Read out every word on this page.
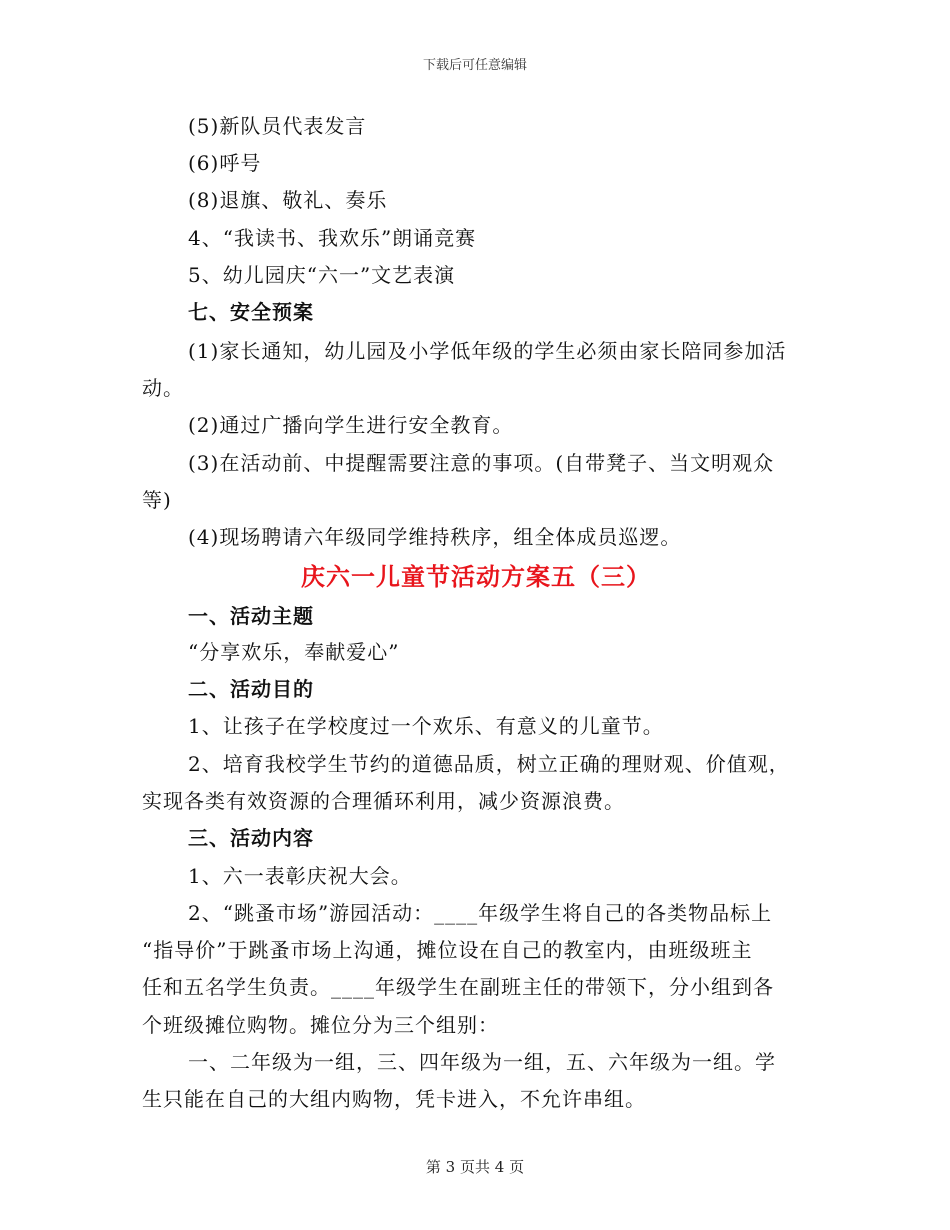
下载后可任意编辑
(5)新队员代表发言
(6)呼号
(8)退旗、敬礼、奏乐
4、“我读书、我欢乐”朗诵竞赛
5、幼儿园庆“六一”文艺表演
七、安全预案
(1)家长通知，幼儿园及小学低年级的学生必须由家长陪同参加活
动。
(2)通过广播向学生进行安全教育。
(3)在活动前、中提醒需要注意的事项。(自带凳子、当文明观众
等)
(4)现场聘请六年级同学维持秩序，组全体成员巡逻。
庆六一儿童节活动方案五（三）
一、活动主题
“分享欢乐，奉献爱心”
二、活动目的
1、让孩子在学校度过一个欢乐、有意义的儿童节。
2、培育我校学生节约的道德品质，树立正确的理财观、价值观，
实现各类有效资源的合理循环利用，减少资源浪费。
三、活动内容
1、六一表彰庆祝大会。
2、“跳蚤市场”游园活动：____年级学生将自己的各类物品标上
“指导价”于跳蚤市场上沟通，摊位设在自己的教室内，由班级班主
任和五名学生负责。____年级学生在副班主任的带领下，分小组到各
个班级摊位购物。摊位分为三个组别：
一、二年级为一组，三、四年级为一组，五、六年级为一组。学
生只能在自己的大组内购物，凭卡进入，不允许串组。
第 3 页共 4 页
